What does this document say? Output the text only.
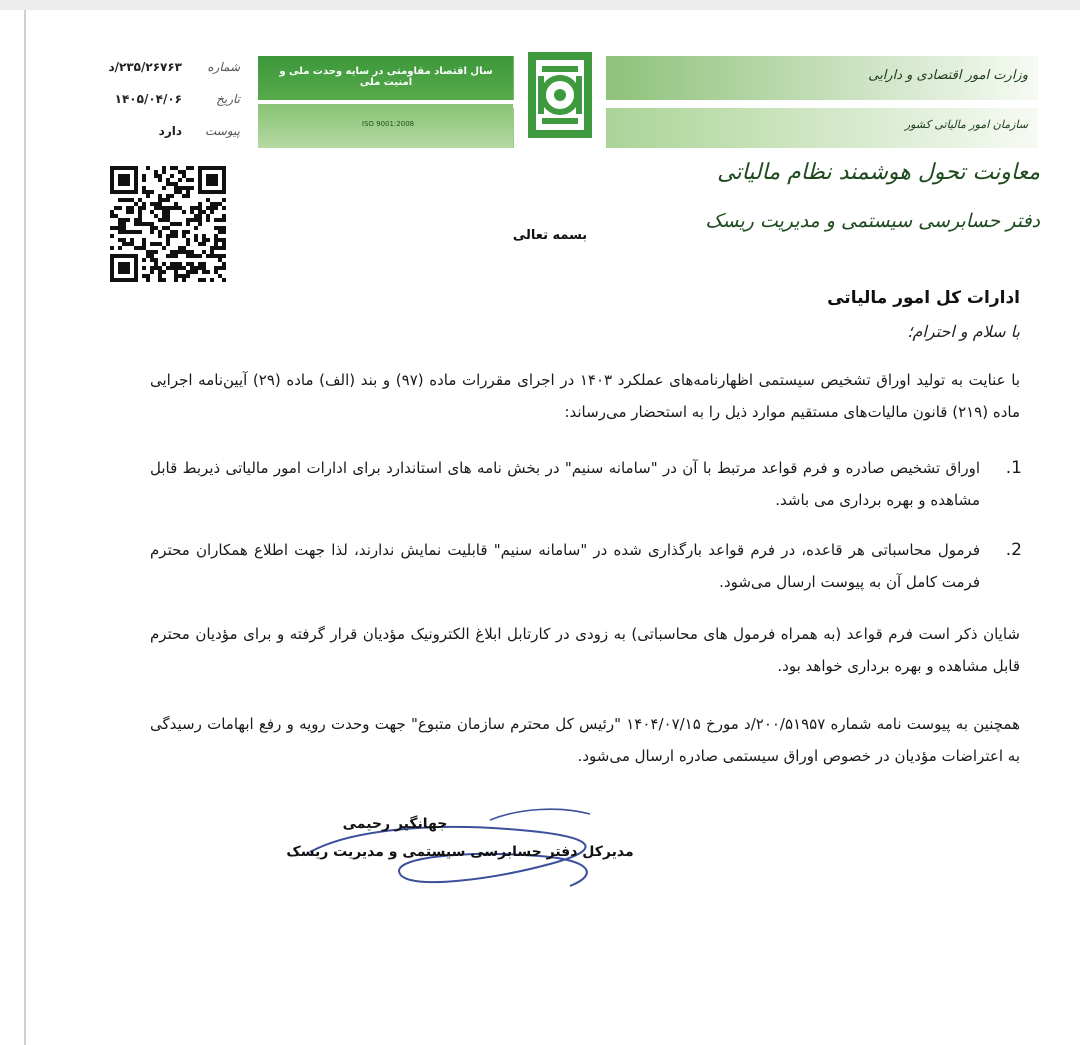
سال اقتصاد مقاومتی در سایه وحدت ملی و امنیت ملی
ISO 9001:2008
وزارت امور اقتصادی و دارایی
سازمان امور مالیاتی کشور
شماره
۲۳۵/۲۶۷۶۳/د
تاریخ
۱۴۰۵/۰۴/۰۶
پیوست
دارد
معاونت تحول هوشمند نظام مالیاتی
دفتر حسابرسی سیستمی و مدیریت ریسک
بسمه تعالی
ادارات کل امور مالیاتی
با سلام و احترام؛
با عنایت به تولید اوراق تشخیص سیستمی اظهارنامه‌های عملکرد ۱۴۰۳ در اجرای مقررات ماده (۹۷) و بند (الف) ماده (۲۹) آیین‌نامه اجرایی ماده (۲۱۹) قانون مالیات‌های مستقیم موارد ذیل را به استحضار می‌رساند:
1.
اوراق تشخیص صادره و فرم قواعد مرتبط با آن در "سامانه سنیم" در بخش نامه های استاندارد برای ادارات امور مالیاتی ذیربط قابل مشاهده و بهره برداری می باشد.
2.
فرمول محاسباتی هر قاعده، در فرم قواعد بارگذاری شده در "سامانه سنیم" قابلیت نمایش ندارند، لذا جهت اطلاع همکاران محترم فرمت کامل آن به پیوست ارسال می‌شود.
شایان ذکر است فرم قواعد (به همراه فرمول های محاسباتی) به زودی در کارتابل ابلاغ الکترونیک مؤدیان قرار گرفته و برای مؤدیان محترم قابل مشاهده و بهره برداری خواهد بود.
همچنین به پیوست نامه شماره ۲۰۰/۵۱۹۵۷/د مورخ ۱۴۰۴/۰۷/۱۵ "رئیس کل محترم سازمان متبوع" جهت وحدت رویه و رفع ابهامات رسیدگی به اعتراضات مؤدیان در خصوص اوراق سیستمی صادره ارسال می‌شود.
جهانگیر رحیمی
مدیرکل دفتر حسابرسی سیستمی و مدیریت ریسک
